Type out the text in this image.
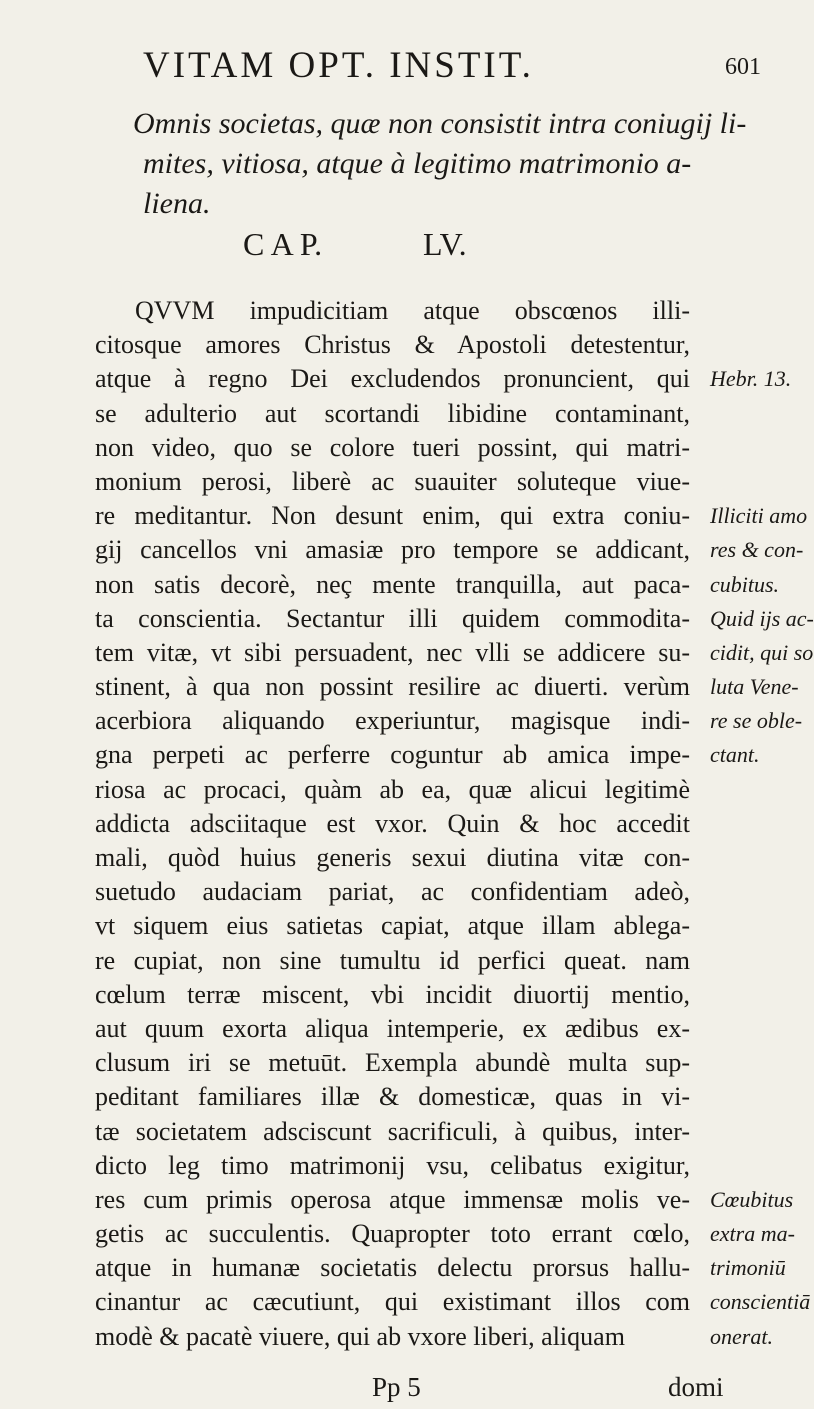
VITAM OPT. INSTIT.	601
Omnis societas, quæ non consistit intra coniugij li-
mites, vitiosa, atque à legitimo matrimonio a-
liena.
C A P.	LV.
QVVM impudicitiam atque obscœnos illi-
citosque amores Christus & Apostoli detestentur,
atque à regno Dei excludendos pronuncient, qui
se adulterio aut scortandi libidine contaminant,
non video, quo se colore tueri possint, qui matri-
monium perosi, liberè ac suauiter soluteque viue-
re meditantur. Non desunt enim, qui extra coniu-
gij cancellos vni amasiæ pro tempore se addicant,
non satis decorè, neç mente tranquilla, aut paca-
ta conscientia. Sectantur illi quidem commodita-
tem vitæ, vt sibi persuadent, nec vlli se addicere su-
stinent, à qua non possint resilire ac diuerti. verùm
acerbiora aliquando experiuntur, magisque indi-
gna perpeti ac perferre coguntur ab amica impe-
riosa ac procaci, quàm ab ea, quæ alicui legitimè
addicta adsciitaque est vxor. Quin & hoc accedit
mali, quòd huius generis sexui diutina vitæ con-
suetudo audaciam pariat, ac confidentiam adeò,
vt siquem eius satietas capiat, atque illam ablega-
re cupiat, non sine tumultu id perfici queat. nam
cœlum terræ miscent, vbi incidit diuortij mentio,
aut quum exorta aliqua intemperie, ex ædibus ex-
clusum iri se metuūt. Exempla abundè multa sup-
peditant familiares illæ & domesticæ, quas in vi-
tæ societatem adsciscunt sacrificuli, à quibus, inter-
dicto leg timo matrimonij vsu, celibatus exigitur,
res cum primis operosa atque immensæ molis ve-
getis ac succulentis. Quapropter toto errant cœlo,
atque in humanæ societatis delectu prorsus hallu-
cinantur ac cæcutiunt, qui existimant illos com
modè & pacatè viuere, qui ab vxore liberi, aliquam
Hebr. 13.
Illiciti amo
res & con-
cubitus.
Quid ijs ac-
cidit, qui so
luta Vene-
re se oble-
ctant.
Cœubitus
extra ma-
trimoniū
conscientiā
onerat.
Pp 5	domi
